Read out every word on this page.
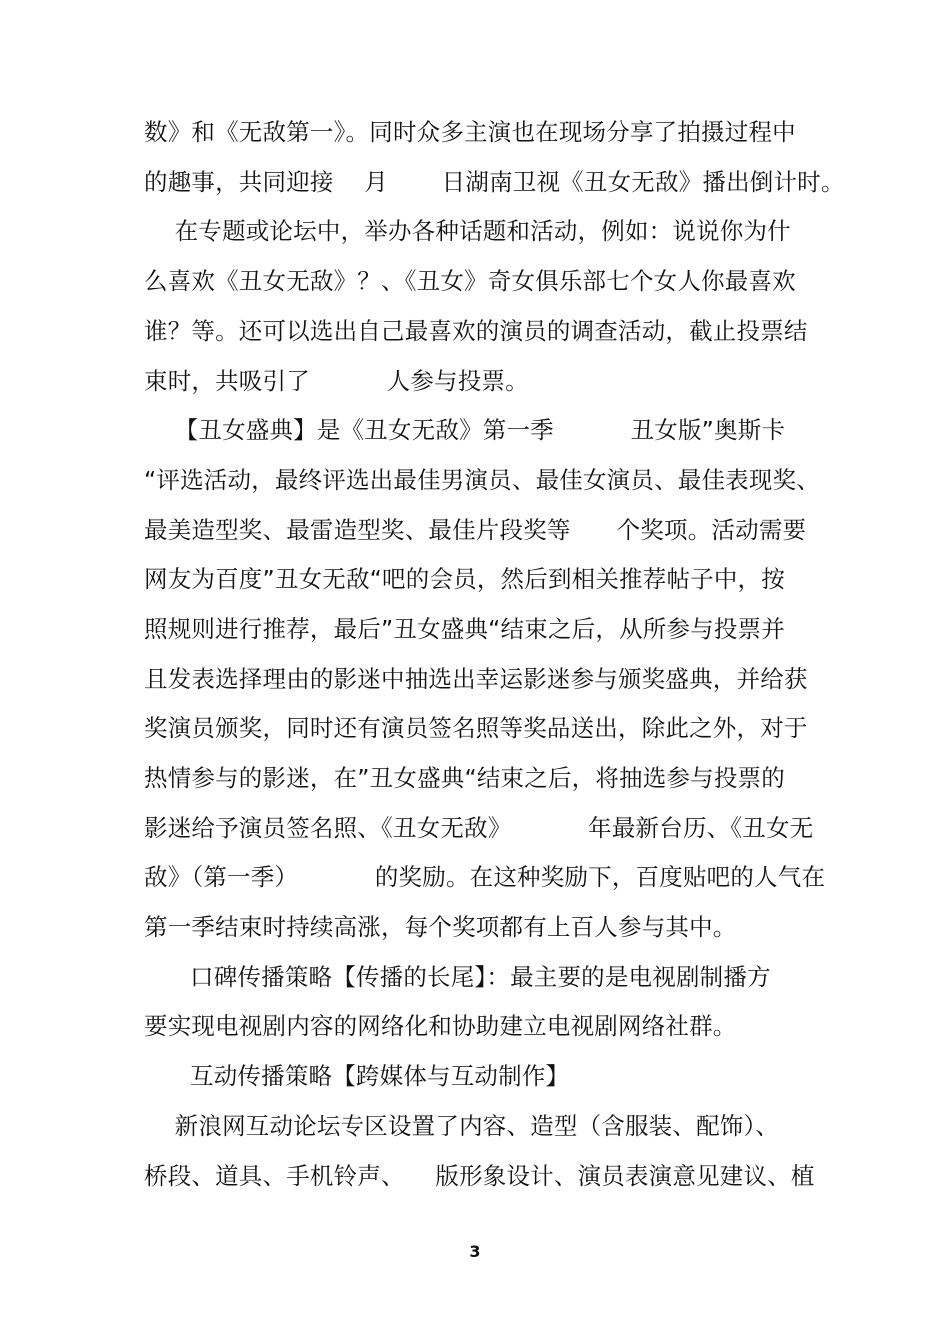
数》和《无敌第一》。同时众多主演也在现场分享了拍摄过程中
的趣事，共同迎接    月       日湖南卫视《丑女无敌》播出倒计时。
在专题或论坛中，举办各种话题和活动，例如：说说你为什
么喜欢《丑女无敌》？、《丑女》奇女俱乐部七个女人你最喜欢
谁？等。还可以选出自己最喜欢的演员的调查活动，截止投票结
束时，共吸引了          人参与投票。
【丑女盛典】是《丑女无敌》第一季          丑女版”奥斯卡
“评选活动，最终评选出最佳男演员、最佳女演员、最佳表现奖、
最美造型奖、最雷造型奖、最佳片段奖等      个奖项。活动需要
网友为百度”丑女无敌“吧的会员，然后到相关推荐帖子中，按
照规则进行推荐，最后”丑女盛典“结束之后，从所参与投票并
且发表选择理由的影迷中抽选出幸运影迷参与颁奖盛典，并给获
奖演员颁奖，同时还有演员签名照等奖品送出，除此之外，对于
热情参与的影迷，在”丑女盛典“结束之后，将抽选参与投票的
影迷给予演员签名照、《丑女无敌》          年最新台历、《丑女无
敌》（第一季）          的奖励。在这种奖励下，百度贴吧的人气在
第一季结束时持续高涨，每个奖项都有上百人参与其中。
口碑传播策略【传播的长尾】：最主要的是电视剧制播方
要实现电视剧内容的网络化和协助建立电视剧网络社群。
互动传播策略【跨媒体与互动制作】
新浪网互动论坛专区设置了内容、造型（含服装、配饰）、
桥段、道具、手机铃声、    版形象设计、演员表演意见建议、植
3
